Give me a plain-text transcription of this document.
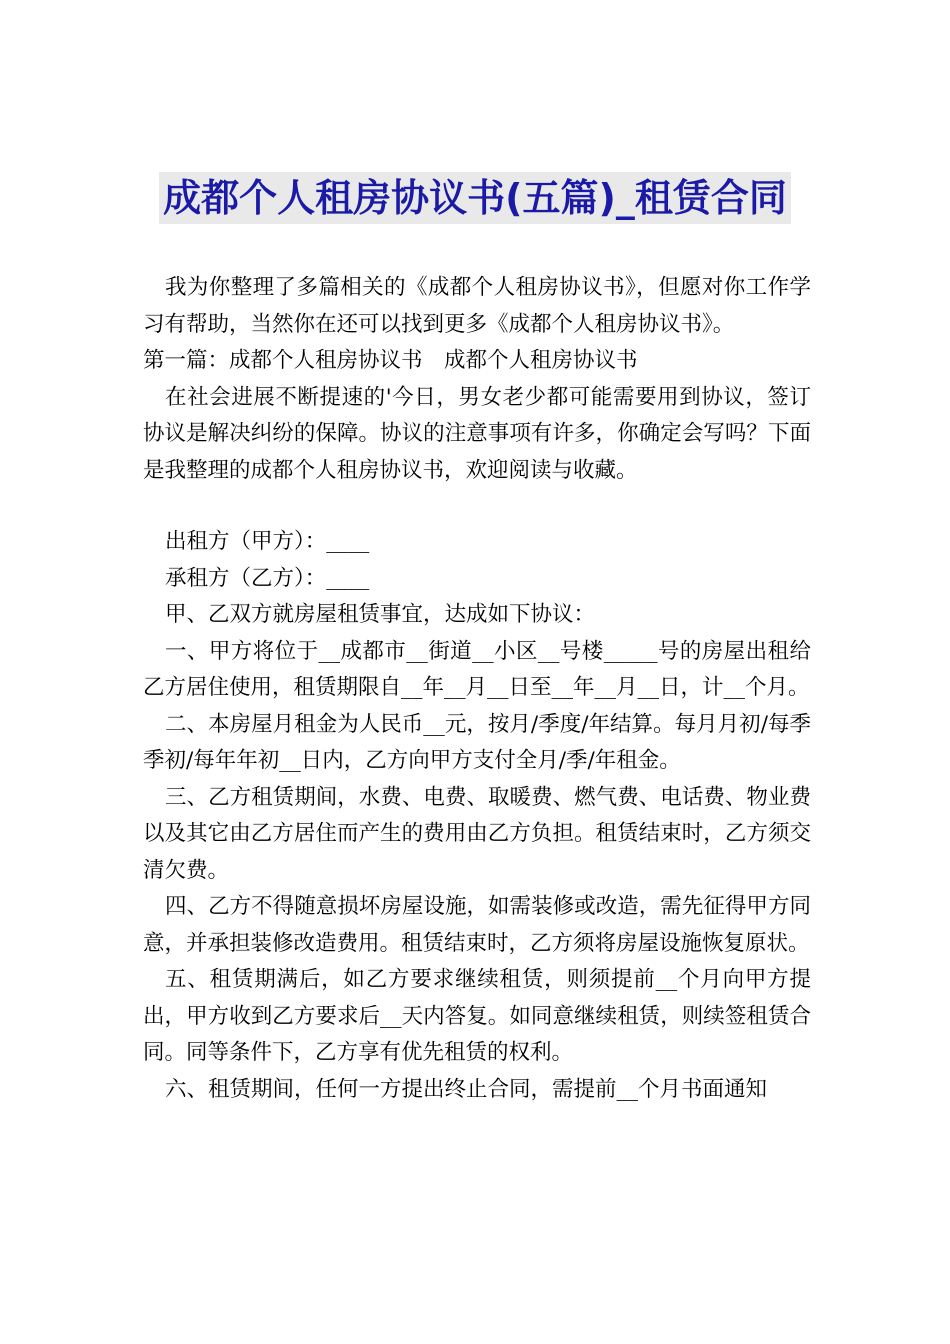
成都个人租房协议书(五篇)_租赁合同

我为你整理了多篇相关的《成都个人租房协议书》，但愿对你工作学习有帮助，当然你在还可以找到更多《成都个人租房协议书》。

第一篇：成都个人租房协议书　成都个人租房协议书

在社会进展不断提速的'今日，男女老少都可能需要用到协议，签订协议是解决纠纷的保障。协议的注意事项有许多，你确定会写吗？下面是我整理的成都个人租房协议书，欢迎阅读与收藏。

出租方（甲方）：____

承租方（乙方）：____

甲、乙双方就房屋租赁事宜，达成如下协议：

一、甲方将位于__成都市__街道__小区__号楼_____号的房屋出租给乙方居住使用，租赁期限自__年__月__日至__年__月__日，计__个月。

二、本房屋月租金为人民币__元，按月/季度/年结算。每月月初/每季季初/每年年初__日内，乙方向甲方支付全月/季/年租金。

三、乙方租赁期间，水费、电费、取暖费、燃气费、电话费、物业费以及其它由乙方居住而产生的费用由乙方负担。租赁结束时，乙方须交清欠费。

四、乙方不得随意损坏房屋设施，如需装修或改造，需先征得甲方同意，并承担装修改造费用。租赁结束时，乙方须将房屋设施恢复原状。

五、租赁期满后，如乙方要求继续租赁，则须提前__个月向甲方提出，甲方收到乙方要求后__天内答复。如同意继续租赁，则续签租赁合同。同等条件下，乙方享有优先租赁的权利。

六、租赁期间，任何一方提出终止合同，需提前__个月书面通知
